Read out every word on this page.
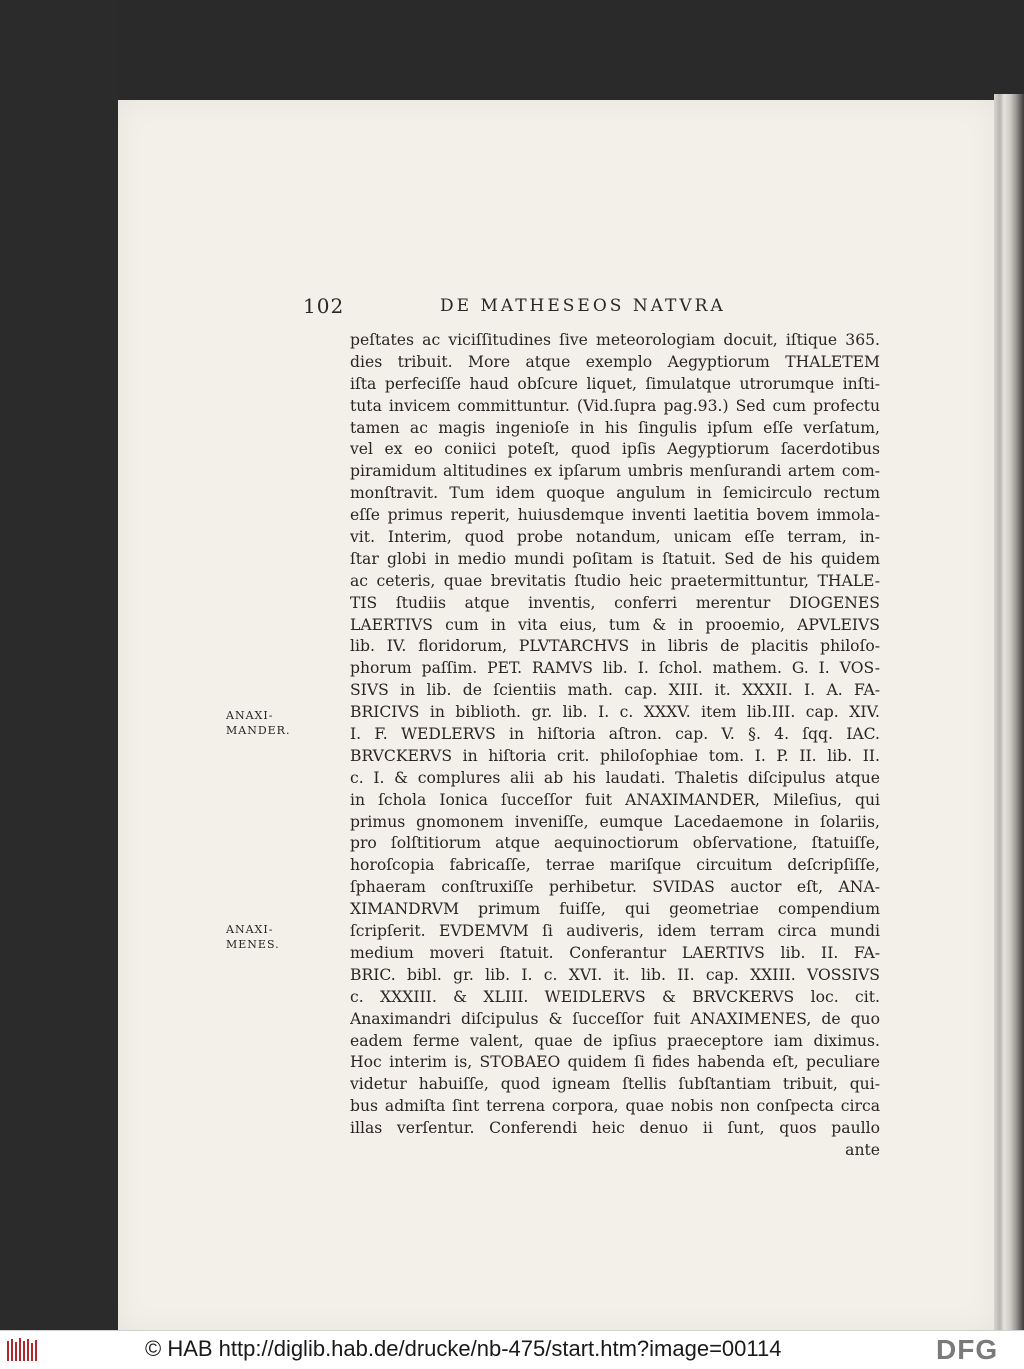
102	DE MATHESEOS NATVRA
peſtates ac viciſſitudines ſive meteorologiam docuit, iſtique 365.
dies tribuit. More atque exemplo Aegyptiorum THALETEM
iſta perfeciſſe haud obſcure liquet, ſimulatque utrorumque inſti-
tuta invicem committuntur. (Vid.ſupra pag.93.) Sed cum profectu
tamen ac magis ingenioſe in his ſingulis ipſum eſſe verſatum,
vel ex eo coniici poteſt, quod ipſis Aegyptiorum ſacerdotibus
piramidum altitudines ex ipſarum umbris menſurandi artem com-
monſtravit. Tum idem quoque angulum in ſemicirculo rectum
eſſe primus reperit, huiusdemque inventi laetitia bovem immola-
vit. Interim, quod probe notandum, unicam eſſe terram, in-
ſtar globi in medio mundi poſitam is ſtatuit. Sed de his quidem
ac ceteris, quae brevitatis ſtudio heic praetermittuntur, THALE-
TIS ſtudiis atque inventis, conferri merentur DIOGENES
LAERTIVS cum in vita eius, tum & in prooemio, APVLEIVS
lib. IV. floridorum, PLVTARCHVS in libris de placitis philoſo-
phorum paſſim. PET. RAMVS lib. I. ſchol. mathem. G. I. VOS-
SIVS in lib. de ſcientiis math. cap. XIII. it. XXXII. I. A. FA-
BRICIVS in biblioth. gr. lib. I. c. XXXV. item lib.III. cap. XIV.
I. F. WEDLERVS in hiſtoria aſtron. cap. V. §. 4. ſqq. IAC.
BRVCKERVS in hiſtoria crit. philoſophiae tom. I. P. II. lib. II.
c. I. & complures alii ab his laudati. Thaletis diſcipulus atque
in ſchola Ionica ſucceſſor fuit ANAXIMANDER, Mileſius, qui
primus gnomonem inveniſſe, eumque Lacedaemone in ſolariis,
pro ſolſtitiorum atque aequinoctiorum obſervatione, ſtatuiſſe,
horoſcopia fabricaſſe, terrae mariſque circuitum deſcripſiſſe,
ſphaeram conſtruxiſſe perhibetur. SVIDAS auctor eſt, ANA-
XIMANDRVM primum fuiſſe, qui geometriae compendium
ſcripſerit. EVDEMVM ſi audiveris, idem terram circa mundi
medium moveri ſtatuit. Conferantur LAERTIVS lib. II. FA-
BRIC. bibl. gr. lib. I. c. XVI. it. lib. II. cap. XXIII. VOSSIVS
c. XXXIII. & XLIII. WEIDLERVS & BRVCKERVS loc. cit.
Anaximandri diſcipulus & ſucceſſor fuit ANAXIMENES, de quo
eadem ferme valent, quae de ipſius praeceptore iam diximus.
Hoc interim is, STOBAEO quidem ſi fides habenda eſt, peculiare
videtur habuiſſe, quod igneam ſtellis ſubſtantiam tribuit, qui-
bus admiſta ſint terrena corpora, quae nobis non conſpecta circa
illas verſentur. Conferendi heic denuo ii ſunt, quos paullo
ante
ANAXI-
MANDER.
ANAXI-
MENES.
© HAB http://diglib.hab.de/drucke/nb-475/start.htm?image=00114	DFG
